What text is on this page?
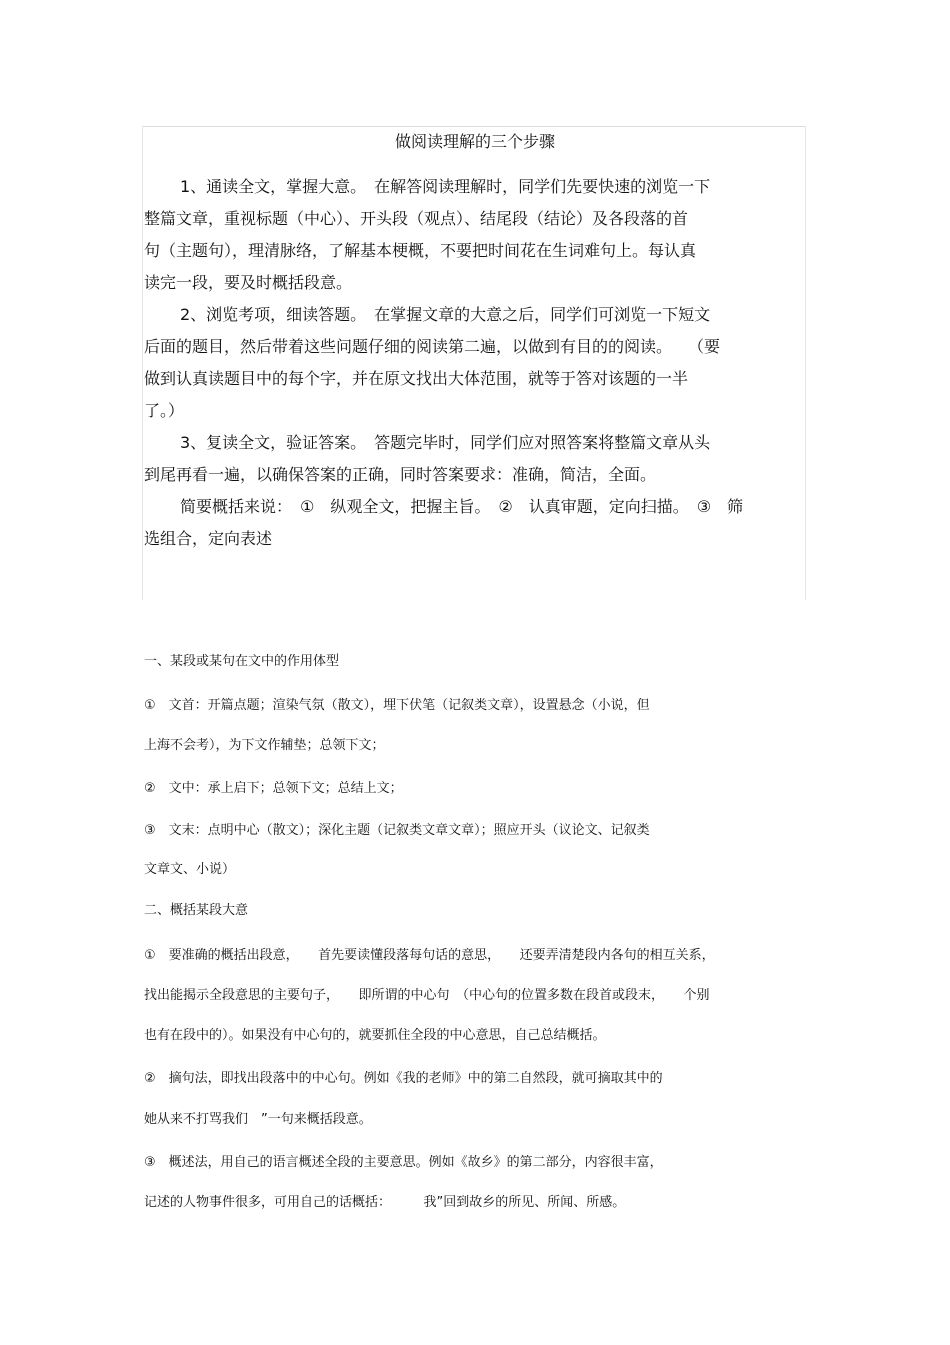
做阅读理解的三个步骤
1、通读全文，掌握大意。　在解答阅读理解时，同学们先要快速的浏览一下
整篇文章，重视标题（中心）、开头段（观点）、结尾段（结论）及各段落的首
句（主题句），理清脉络，了解基本梗概，不要把时间花在生词难句上。每认真
读完一段，要及时概括段意。
2、浏览考项，细读答题。　在掌握文章的大意之后，同学们可浏览一下短文
后面的题目，然后带着这些问题仔细的阅读第二遍，以做到有目的的阅读。　　（要
做到认真读题目中的每个字，并在原文找出大体范围，就等于答对该题的一半
了。）
3、复读全文，验证答案。　答题完毕时，同学们应对照答案将整篇文章从头
到尾再看一遍，以确保答案的正确，同时答案要求：准确，简洁，全面。
简要概括来说：　①　纵观全文，把握主旨。　②　认真审题，定向扫描。　③　筛
选组合，定向表述
一、某段或某句在文中的作用体型
①　文首：开篇点题；渲染气氛（散文），埋下伏笔（记叙类文章），设置悬念（小说，但
上海不会考），为下文作辅垫；总领下文；
②　文中：承上启下；总领下文；总结上文；
③　文末：点明中心（散文）；深化主题（记叙类文章文章）；照应开头（议论文、记叙类
文章文、小说）
二、概括某段大意
①　要准确的概括出段意，　　首先要读懂段落每句话的意思，　　还要弄清楚段内各句的相互关系，
找出能揭示全段意思的主要句子，　　即所谓的中心句　（中心句的位置多数在段首或段末，　　个别
也有在段中的）。如果没有中心句的，就要抓住全段的中心意思，自己总结概括。
②　摘句法，即找出段落中的中心句。例如《我的老师》中的第二自然段，就可摘取其中的
她从来不打骂我们　”一句来概括段意。
③　概述法，用自己的语言概述全段的主要意思。例如《故乡》的第二部分，内容很丰富，
记述的人物事件很多，可用自己的话概括：　　　我”回到故乡的所见、所闻、所感。
